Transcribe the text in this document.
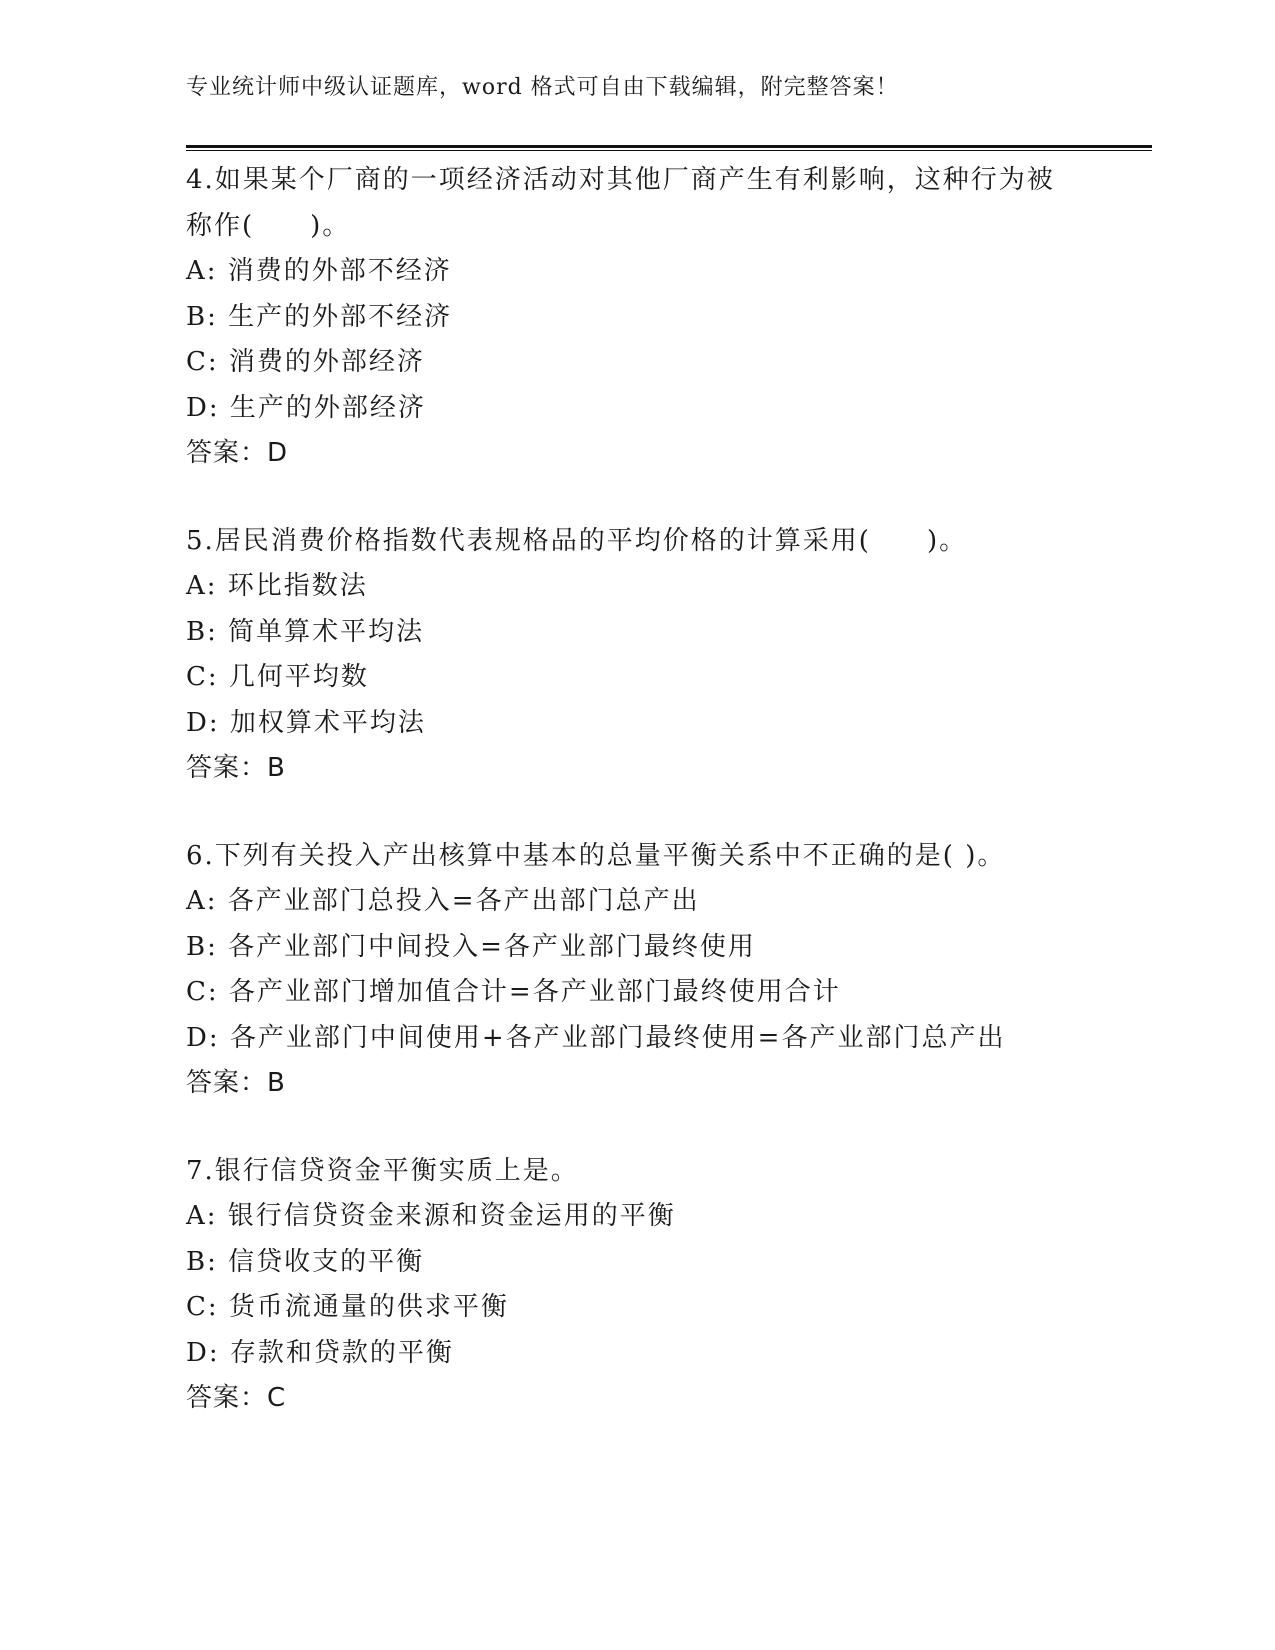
专业统计师中级认证题库，word 格式可自由下载编辑，附完整答案！
4.如果某个厂商的一项经济活动对其他厂商产生有利影响，这种行为被称作(　　)。
A: 消费的外部不经济
B: 生产的外部不经济
C: 消费的外部经济
D: 生产的外部经济
答案：D
5.居民消费价格指数代表规格品的平均价格的计算采用(　　)。
A: 环比指数法
B: 简单算术平均法
C: 几何平均数
D: 加权算术平均法
答案：B
6.下列有关投入产出核算中基本的总量平衡关系中不正确的是( )。
A: 各产业部门总投入=各产出部门总产出
B: 各产业部门中间投入=各产业部门最终使用
C: 各产业部门增加值合计=各产业部门最终使用合计
D: 各产业部门中间使用+各产业部门最终使用=各产业部门总产出
答案：B
7.银行信贷资金平衡实质上是。
A: 银行信贷资金来源和资金运用的平衡
B: 信贷收支的平衡
C: 货币流通量的供求平衡
D: 存款和贷款的平衡
答案：C
